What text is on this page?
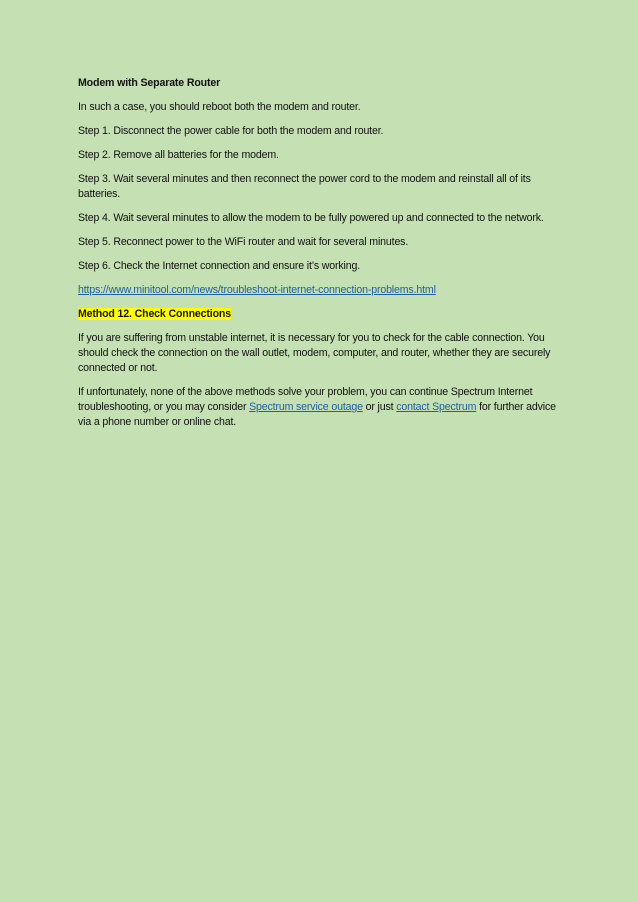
Modem with Separate Router

In such a case, you should reboot both the modem and router.

Step 1. Disconnect the power cable for both the modem and router.

Step 2. Remove all batteries for the modem.

Step 3. Wait several minutes and then reconnect the power cord to the modem and reinstall all of its batteries.

Step 4. Wait several minutes to allow the modem to be fully powered up and connected to the network.

Step 5. Reconnect power to the WiFi router and wait for several minutes.

Step 6. Check the Internet connection and ensure it’s working.

https://www.minitool.com/news/troubleshoot-internet-connection-problems.html

Method 12. Check Connections

If you are suffering from unstable internet, it is necessary for you to check for the cable connection. You should check the connection on the wall outlet, modem, computer, and router, whether they are securely connected or not.

If unfortunately, none of the above methods solve your problem, you can continue Spectrum Internet troubleshooting, or you may consider Spectrum service outage or just contact Spectrum for further advice via a phone number or online chat.
